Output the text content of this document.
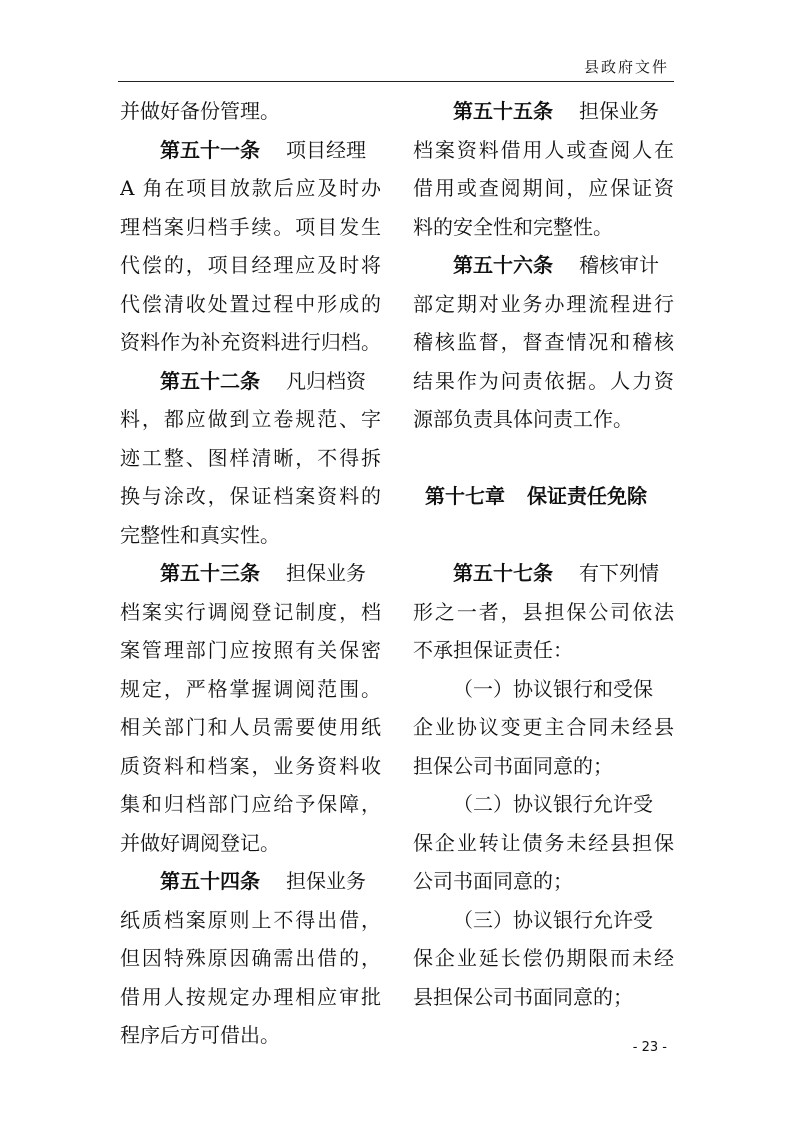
县政府文件
并做好备份管理。
第五十一条 项目经理
A 角在项目放款后应及时办
理档案归档手续。项目发生
代偿的，项目经理应及时将
代偿清收处置过程中形成的
资料作为补充资料进行归档。
第五十二条 凡归档资
料，都应做到立卷规范、字
迹工整、图样清晰，不得拆
换与涂改，保证档案资料的
完整性和真实性。
第五十三条 担保业务
档案实行调阅登记制度，档
案管理部门应按照有关保密
规定，严格掌握调阅范围。
相关部门和人员需要使用纸
质资料和档案，业务资料收
集和归档部门应给予保障，
并做好调阅登记。
第五十四条 担保业务
纸质档案原则上不得出借，
但因特殊原因确需出借的，
借用人按规定办理相应审批
程序后方可借出。
第五十五条 担保业务
档案资料借用人或查阅人在
借用或查阅期间，应保证资
料的安全性和完整性。
第五十六条 稽核审计
部定期对业务办理流程进行
稽核监督，督查情况和稽核
结果作为问责依据。人力资
源部负责具体问责工作。
第十七章 保证责任免除
第五十七条 有下列情
形之一者，县担保公司依法
不承担保证责任：
（一）协议银行和受保
企业协议变更主合同未经县
担保公司书面同意的；
（二）协议银行允许受
保企业转让债务未经县担保
公司书面同意的；
（三）协议银行允许受
保企业延长偿仍期限而未经
县担保公司书面同意的；
- 23 -
